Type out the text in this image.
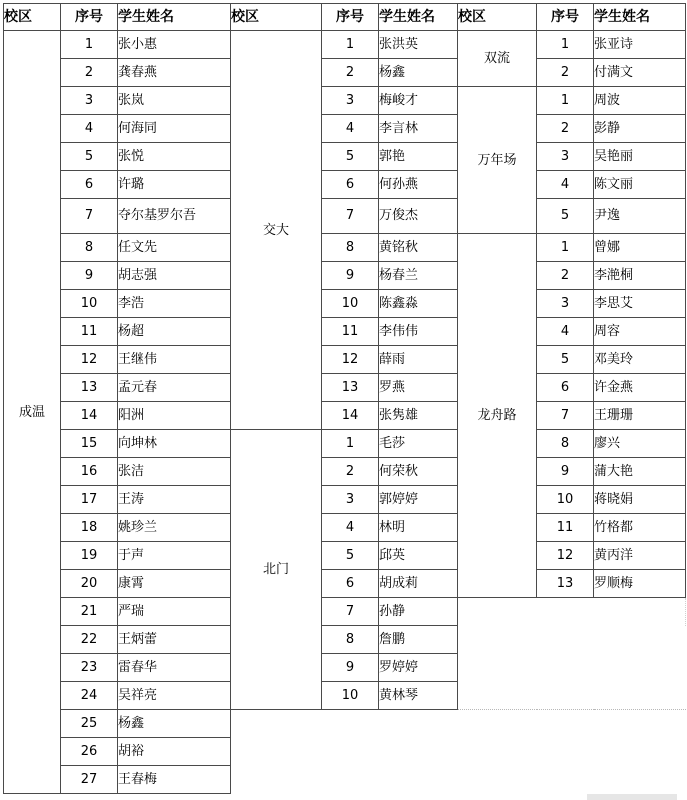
校区	序号	学生姓名	校区	序号	学生姓名	校区	序号	学生姓名
成温	1	张小惠	交大	1	张洪英	双流	1	张亚诗
	2	龚春燕		2	杨鑫		2	付满文
	3	张岚		3	梅峻才	万年场	1	周波
	4	何海同		4	李言林		2	彭静
	5	张悦		5	郭艳		3	吴艳丽
	6	许璐		6	何孙燕		4	陈文丽
	7	夺尔基罗尔吾		7	万俊杰		5	尹逸
	8	任文先		8	黄铭秋	龙舟路	1	曾娜
	9	胡志强		9	杨春兰		2	李滟桐
	10	李浩		10	陈鑫淼		3	李思艾
	11	杨超		11	李伟伟		4	周容
	12	王继伟		12	薛雨		5	邓美玲
	13	孟元春		13	罗燕		6	许金燕
	14	阳洲		14	张隽雄		7	王珊珊
	15	向坤林	北门	1	毛莎		8	廖兴
	16	张洁		2	何荣秋		9	蒲大艳
	17	王涛		3	郭婷婷		10	蒋晓娟
	18	姚珍兰		4	林明		11	竹格都
	19	于声		5	邱英		12	黄丙洋
	20	康霄		6	胡成莉		13	罗顺梅
	21	严瑞		7	孙静			
	22	王炳蕾		8	詹鹏			
	23	雷春华		9	罗婷婷			
	24	吴祥亮		10	黄林琴			
	25	杨鑫						
	26	胡裕						
	27	王春梅						
